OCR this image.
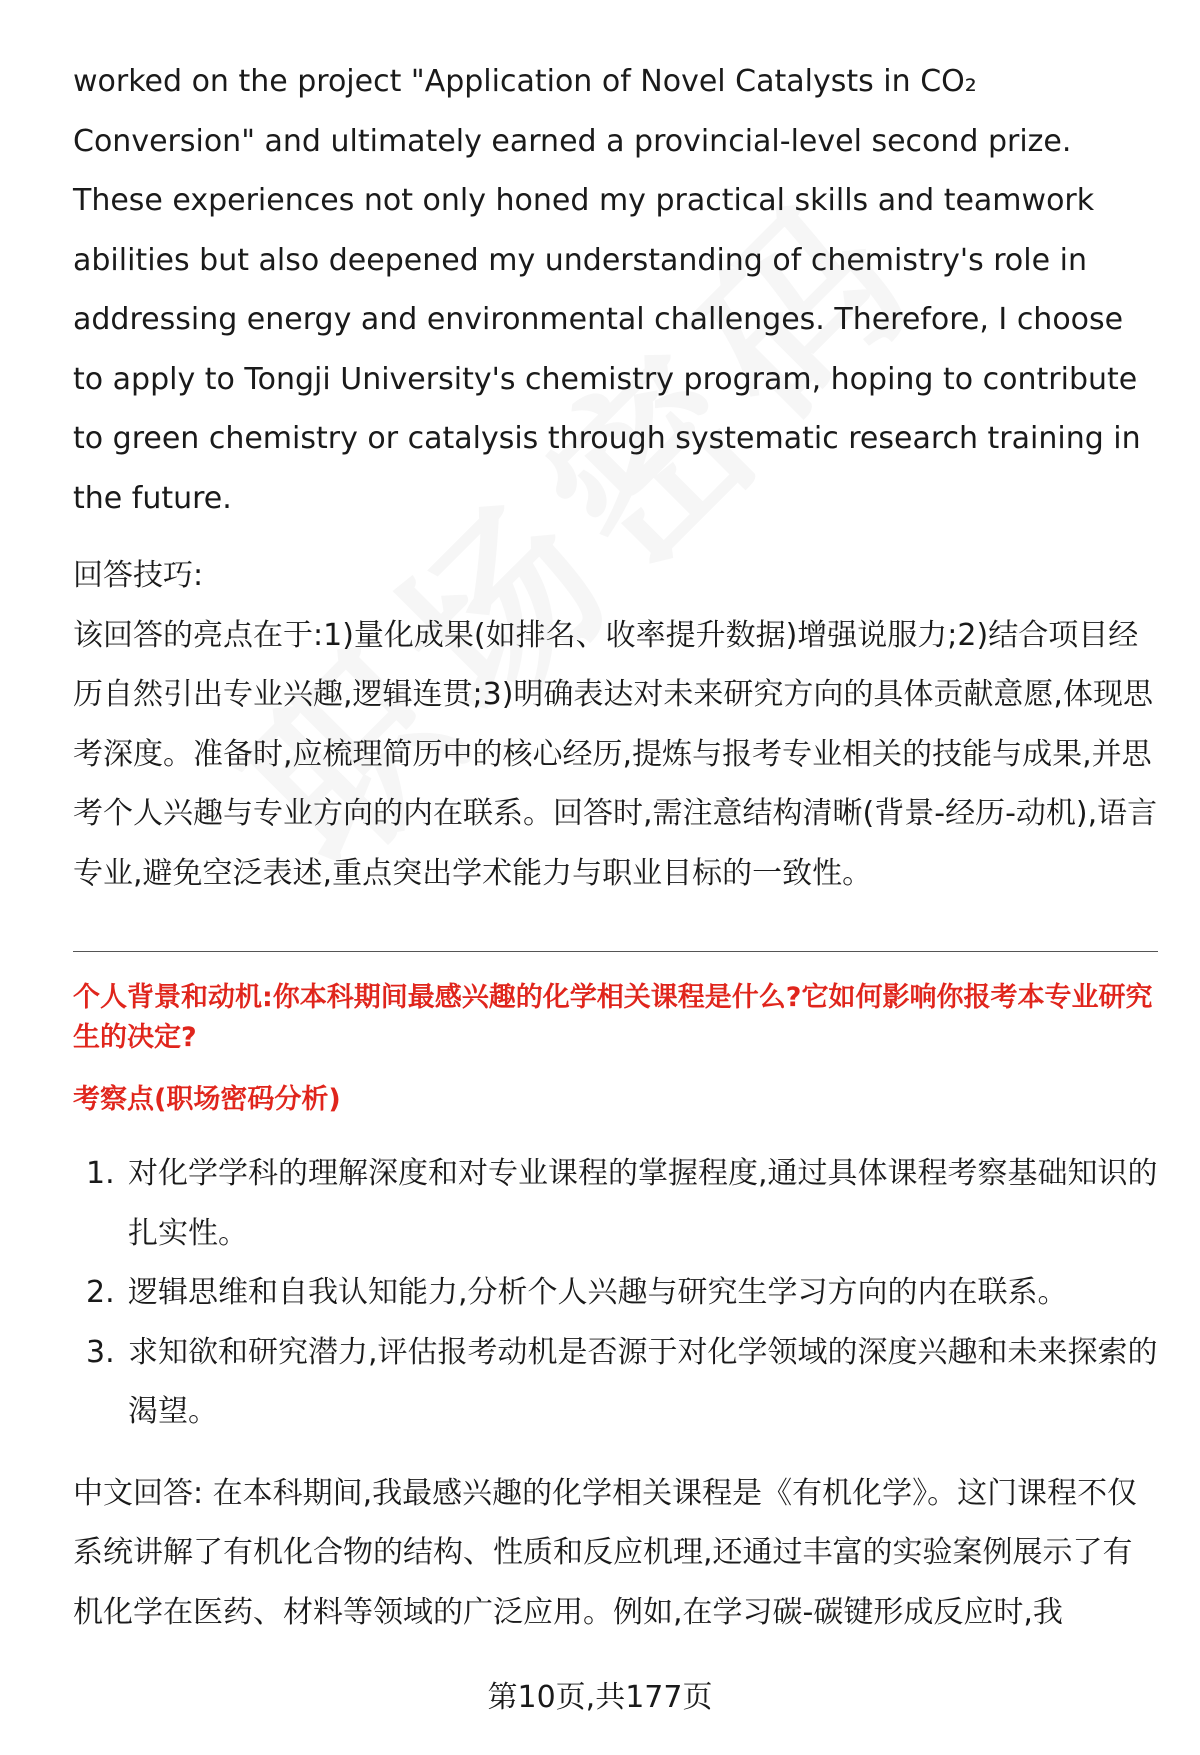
worked on the project "Application of Novel Catalysts in CO₂ Conversion" and ultimately earned a provincial-level second prize. These experiences not only honed my practical skills and teamwork abilities but also deepened my understanding of chemistry's role in addressing energy and environmental challenges. Therefore, I choose to apply to Tongji University's chemistry program, hoping to contribute to green chemistry or catalysis through systematic research training in the future.

回答技巧:

该回答的亮点在于:1)量化成果(如排名、收率提升数据)增强说服力;2)结合项目经历自然引出专业兴趣,逻辑连贯;3)明确表达对未来研究方向的具体贡献意愿,体现思考深度。准备时,应梳理简历中的核心经历,提炼与报考专业相关的技能与成果,并思考个人兴趣与专业方向的内在联系。回答时,需注意结构清晰(背景-经历-动机),语言专业,避免空泛表述,重点突出学术能力与职业目标的一致性。

个人背景和动机:你本科期间最感兴趣的化学相关课程是什么?它如何影响你报考本专业研究生的决定?

考察点(职场密码分析)

1. 对化学学科的理解深度和对专业课程的掌握程度,通过具体课程考察基础知识的扎实性。
2. 逻辑思维和自我认知能力,分析个人兴趣与研究生学习方向的内在联系。
3. 求知欲和研究潜力,评估报考动机是否源于对化学领域的深度兴趣和未来探索的渴望。

中文回答: 在本科期间,我最感兴趣的化学相关课程是《有机化学》。这门课程不仅系统讲解了有机化合物的结构、性质和反应机理,还通过丰富的实验案例展示了有机化学在医药、材料等领域的广泛应用。例如,在学习碳-碳键形成反应时,我

第10页,共177页
